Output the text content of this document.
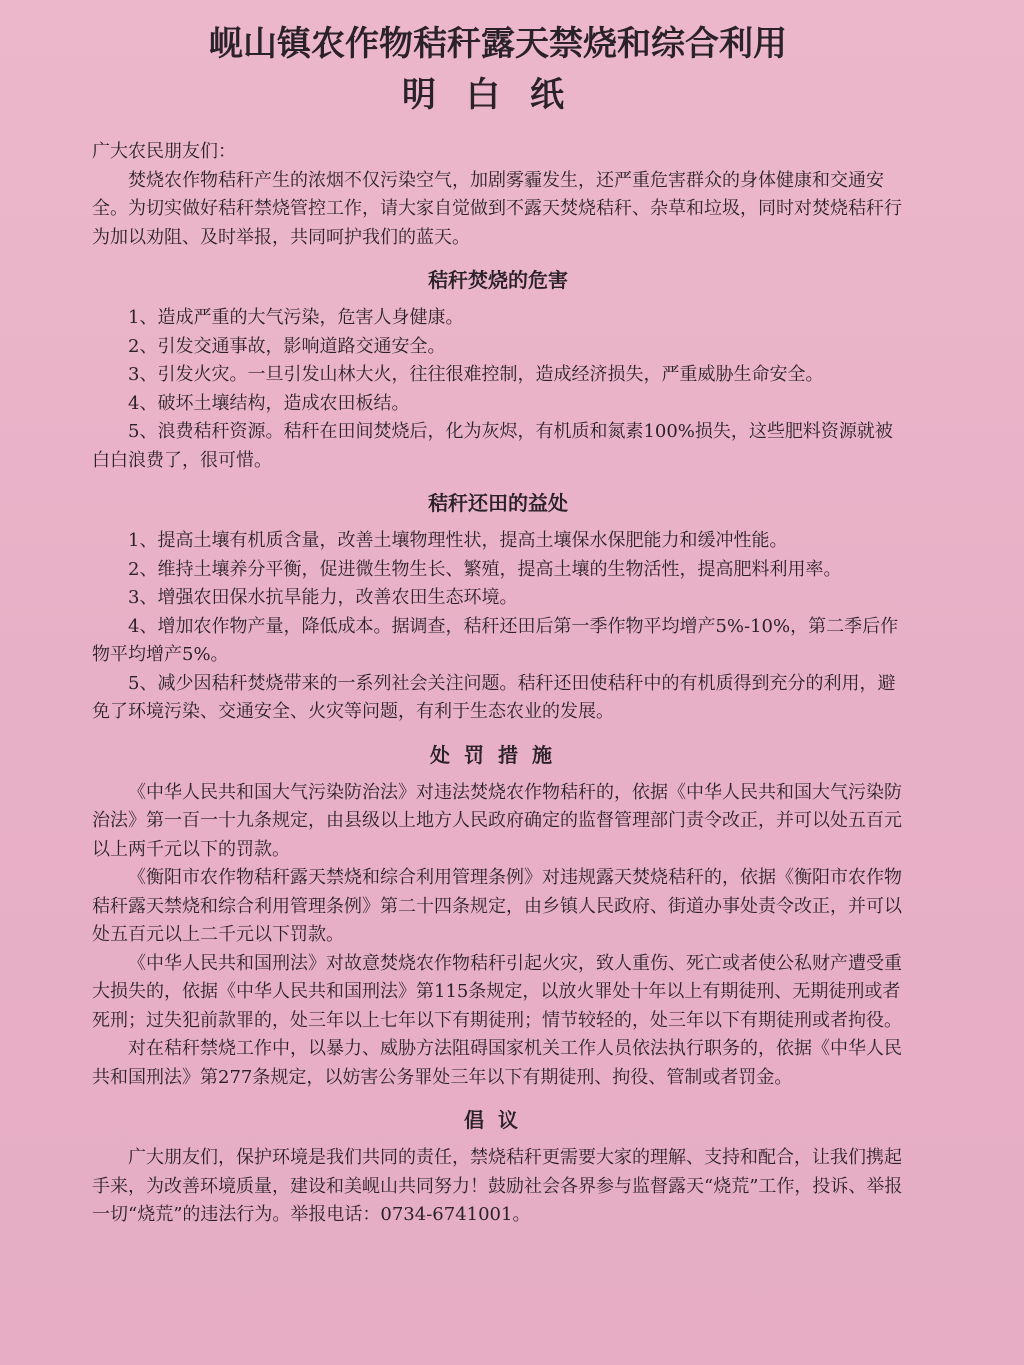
岘山镇农作物秸秆露天禁烧和综合利用
明白纸

广大农民朋友们：

焚烧农作物秸秆产生的浓烟不仅污染空气，加剧雾霾发生，还严重危害群众的身体健康和交通安全。为切实做好秸秆禁烧管控工作，请大家自觉做到不露天焚烧秸秆、杂草和垃圾，同时对焚烧秸秆行为加以劝阻、及时举报，共同呵护我们的蓝天。

秸秆焚烧的危害

1、造成严重的大气污染，危害人身健康。

2、引发交通事故，影响道路交通安全。

3、引发火灾。一旦引发山林大火，往往很难控制，造成经济损失，严重威胁生命安全。

4、破坏土壤结构，造成农田板结。

5、浪费秸秆资源。秸秆在田间焚烧后，化为灰烬，有机质和氮素100%损失，这些肥料资源就被白白浪费了，很可惜。

秸秆还田的益处

1、提高土壤有机质含量，改善土壤物理性状，提高土壤保水保肥能力和缓冲性能。

2、维持土壤养分平衡，促进微生物生长、繁殖，提高土壤的生物活性，提高肥料利用率。

3、增强农田保水抗旱能力，改善农田生态环境。

4、增加农作物产量，降低成本。据调查，秸秆还田后第一季作物平均增产5%-10%，第二季后作物平均增产5%。

5、减少因秸秆焚烧带来的一系列社会关注问题。秸秆还田使秸秆中的有机质得到充分的利用，避免了环境污染、交通安全、火灾等问题，有利于生态农业的发展。

处罚措施

《中华人民共和国大气污染防治法》对违法焚烧农作物秸秆的，依据《中华人民共和国大气污染防治法》第一百一十九条规定，由县级以上地方人民政府确定的监督管理部门责令改正，并可以处五百元以上两千元以下的罚款。

《衡阳市农作物秸秆露天禁烧和综合利用管理条例》对违规露天焚烧秸秆的，依据《衡阳市农作物秸秆露天禁烧和综合利用管理条例》第二十四条规定，由乡镇人民政府、街道办事处责令改正，并可以处五百元以上二千元以下罚款。

《中华人民共和国刑法》对故意焚烧农作物秸秆引起火灾，致人重伤、死亡或者使公私财产遭受重大损失的，依据《中华人民共和国刑法》第115条规定，以放火罪处十年以上有期徒刑、无期徒刑或者死刑；过失犯前款罪的，处三年以上七年以下有期徒刑；情节较轻的，处三年以下有期徒刑或者拘役。

对在秸秆禁烧工作中，以暴力、威胁方法阻碍国家机关工作人员依法执行职务的，依据《中华人民共和国刑法》第277条规定，以妨害公务罪处三年以下有期徒刑、拘役、管制或者罚金。

倡议

广大朋友们，保护环境是我们共同的责任，禁烧秸秆更需要大家的理解、支持和配合，让我们携起手来，为改善环境质量，建设和美岘山共同努力！鼓励社会各界参与监督露天“烧荒”工作，投诉、举报一切“烧荒”的违法行为。举报电话：0734-6741001。
